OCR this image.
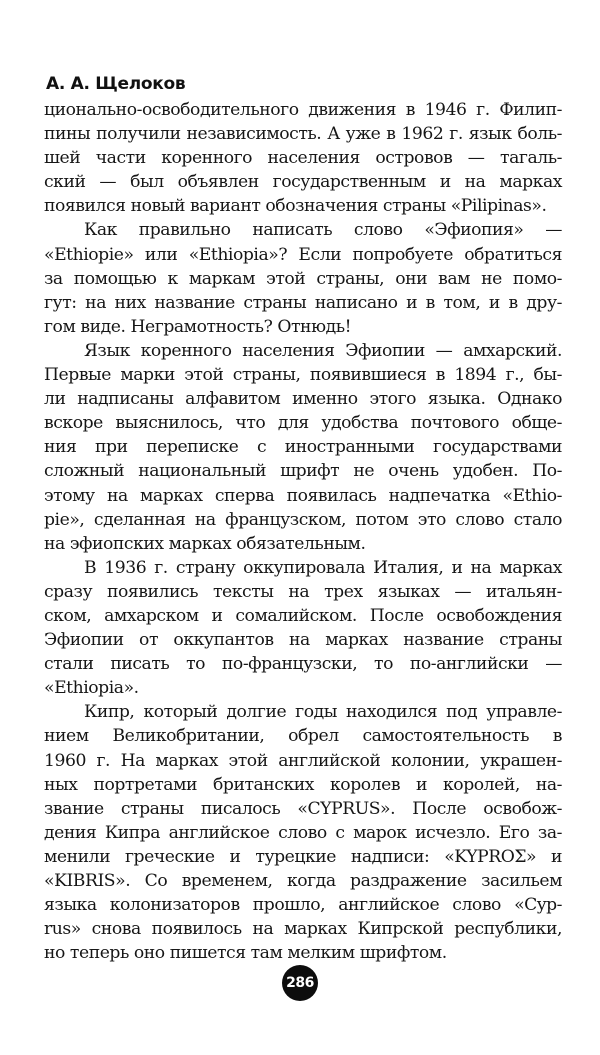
А. А. Щелоков
ционально-освободительного движения в 1946 г. Филип-
пины получили независимость. А уже в 1962 г. язык боль-
шей части коренного населения островов — тагаль-
ский — был объявлен государственным и на марках
появился новый вариант обозначения страны «Pilipinas».
Как правильно написать слово «Эфиопия» —
«Ethiopie» или «Ethiopia»? Если попробуете обратиться
за помощью к маркам этой страны, они вам не помо-
гут: на них название страны написано и в том, и в дру-
гом виде. Неграмотность? Отнюдь!
Язык коренного населения Эфиопии — амхарский.
Первые марки этой страны, появившиеся в 1894 г., бы-
ли надписаны алфавитом именно этого языка. Однако
вскоре выяснилось, что для удобства почтового обще-
ния при переписке с иностранными государствами
сложный национальный шрифт не очень удобен. По-
этому на марках сперва появилась надпечатка «Ethio-
pie», сделанная на французском, потом это слово стало
на эфиопских марках обязательным.
В 1936 г. страну оккупировала Италия, и на марках
сразу появились тексты на трех языках — итальян-
ском, амхарском и сомалийском. После освобождения
Эфиопии от оккупантов на марках название страны
стали писать то по-французски, то по-английски —
«Ethiopia».
Кипр, который долгие годы находился под управле-
нием Великобритании, обрел самостоятельность в
1960 г. На марках этой английской колонии, украшен-
ных портретами британских королев и королей, на-
звание страны писалось «CYPRUS». После освобож-
дения Кипра английское слово с марок исчезло. Его за-
менили греческие и турецкие надписи: «KYPROΣ» и
«KIBRIS». Со временем, когда раздражение засильем
языка колонизаторов прошло, английское слово «Cyp-
rus» снова появилось на марках Кипрской республики,
но теперь оно пишется там мелким шрифтом.
286
